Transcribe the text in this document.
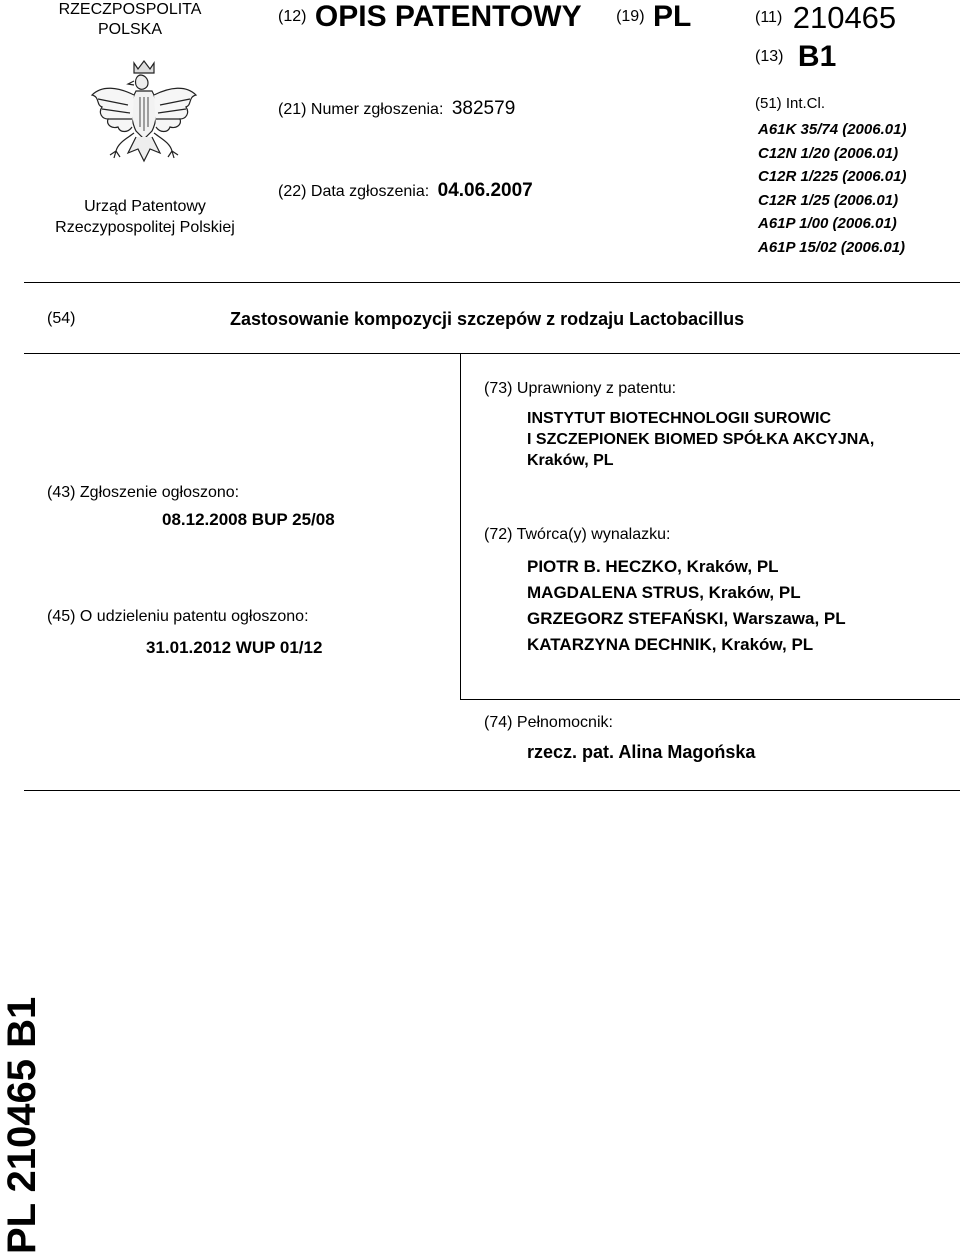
RZECZPOSPOLITA
POLSKA
Urząd Patentowy
Rzeczypospolitej Polskiej
(12) OPIS PATENTOWY (19) PL
(21) Numer zgłoszenia: 382579
(22) Data zgłoszenia: 04.06.2007
(11) 210465
(13) B1
(51) Int.Cl.
A61K 35/74 (2006.01)
C12N 1/20 (2006.01)
C12R 1/225 (2006.01)
C12R 1/25 (2006.01)
A61P 1/00 (2006.01)
A61P 15/02 (2006.01)
(54)	Zastosowanie kompozycji szczepów z rodzaju Lactobacillus
(43) Zgłoszenie ogłoszono:
08.12.2008 BUP 25/08
(45) O udzieleniu patentu ogłoszono:
31.01.2012 WUP 01/12
(73) Uprawniony z patentu:
INSTYTUT BIOTECHNOLOGII SUROWIC
I SZCZEPIONEK BIOMED SPÓŁKA AKCYJNA,
Kraków, PL
(72) Twórca(y) wynalazku:
PIOTR B. HECZKO, Kraków, PL
MAGDALENA STRUS, Kraków, PL
GRZEGORZ STEFAŃSKI, Warszawa, PL
KATARZYNA DECHNIK, Kraków, PL
(74) Pełnomocnik:
rzecz. pat. Alina Magońska
PL 210465 B1
